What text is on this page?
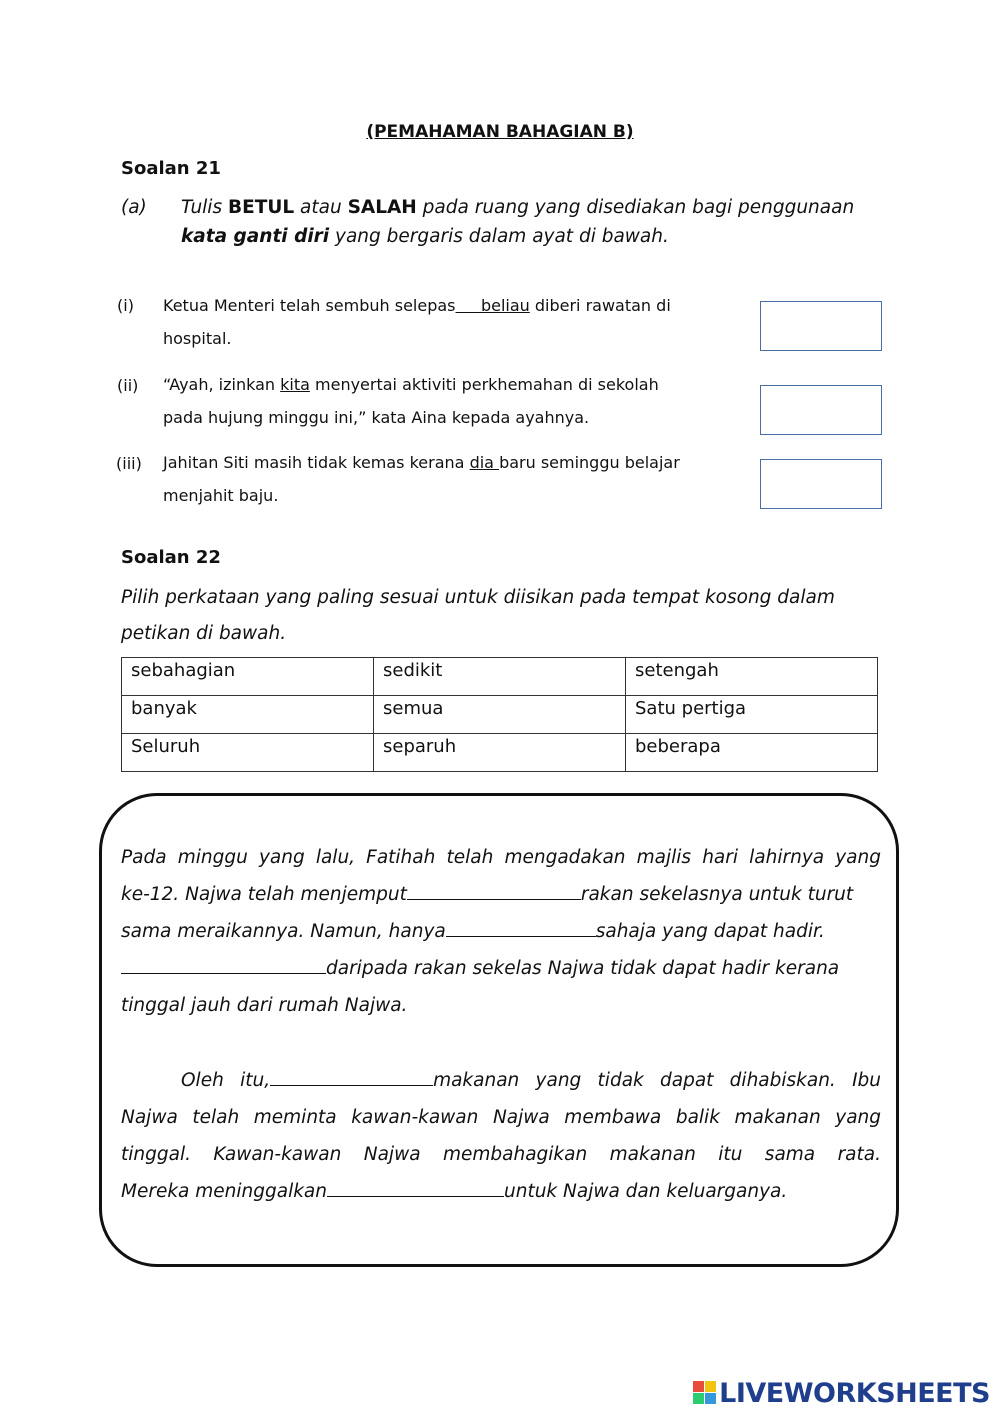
(PEMAHAMAN BAHAGIAN B)
Soalan 21
(a) Tulis BETUL atau SALAH pada ruang yang disediakan bagi penggunaan
kata ganti diri yang bergaris dalam ayat di bawah.
(i) Ketua Menteri telah sembuh selepas     beliau diberi rawatan di
hospital.
(ii) “Ayah, izinkan kita menyertai aktiviti perkhemahan di sekolah
pada hujung minggu ini,” kata Aina kepada ayahnya.
(iii) Jahitan Siti masih tidak kemas kerana dia baru seminggu belajar
menjahit baju.
Soalan 22
Pilih perkataan yang paling sesuai untuk diisikan pada tempat kosong dalam
petikan di bawah.
sebahagian	sedikit	setengah
banyak	semua	Satu pertiga
Seluruh	separuh	beberapa
Pada minggu yang lalu, Fatihah telah mengadakan majlis hari lahirnya yang
ke-12. Najwa telah menjemput	rakan sekelasnya untuk turut
sama meraikannya. Namun, hanya	sahaja yang dapat hadir.
daripada rakan sekelas Najwa tidak dapat hadir kerana
tinggal jauh dari rumah Najwa.
Oleh itu,	makanan yang tidak dapat dihabiskan. Ibu
Najwa telah meminta kawan-kawan Najwa membawa balik makanan yang
tinggal. Kawan-kawan Najwa membahagikan makanan itu sama rata.
Mereka meninggalkan	untuk Najwa dan keluarganya.
LIVEWORKSHEETS
